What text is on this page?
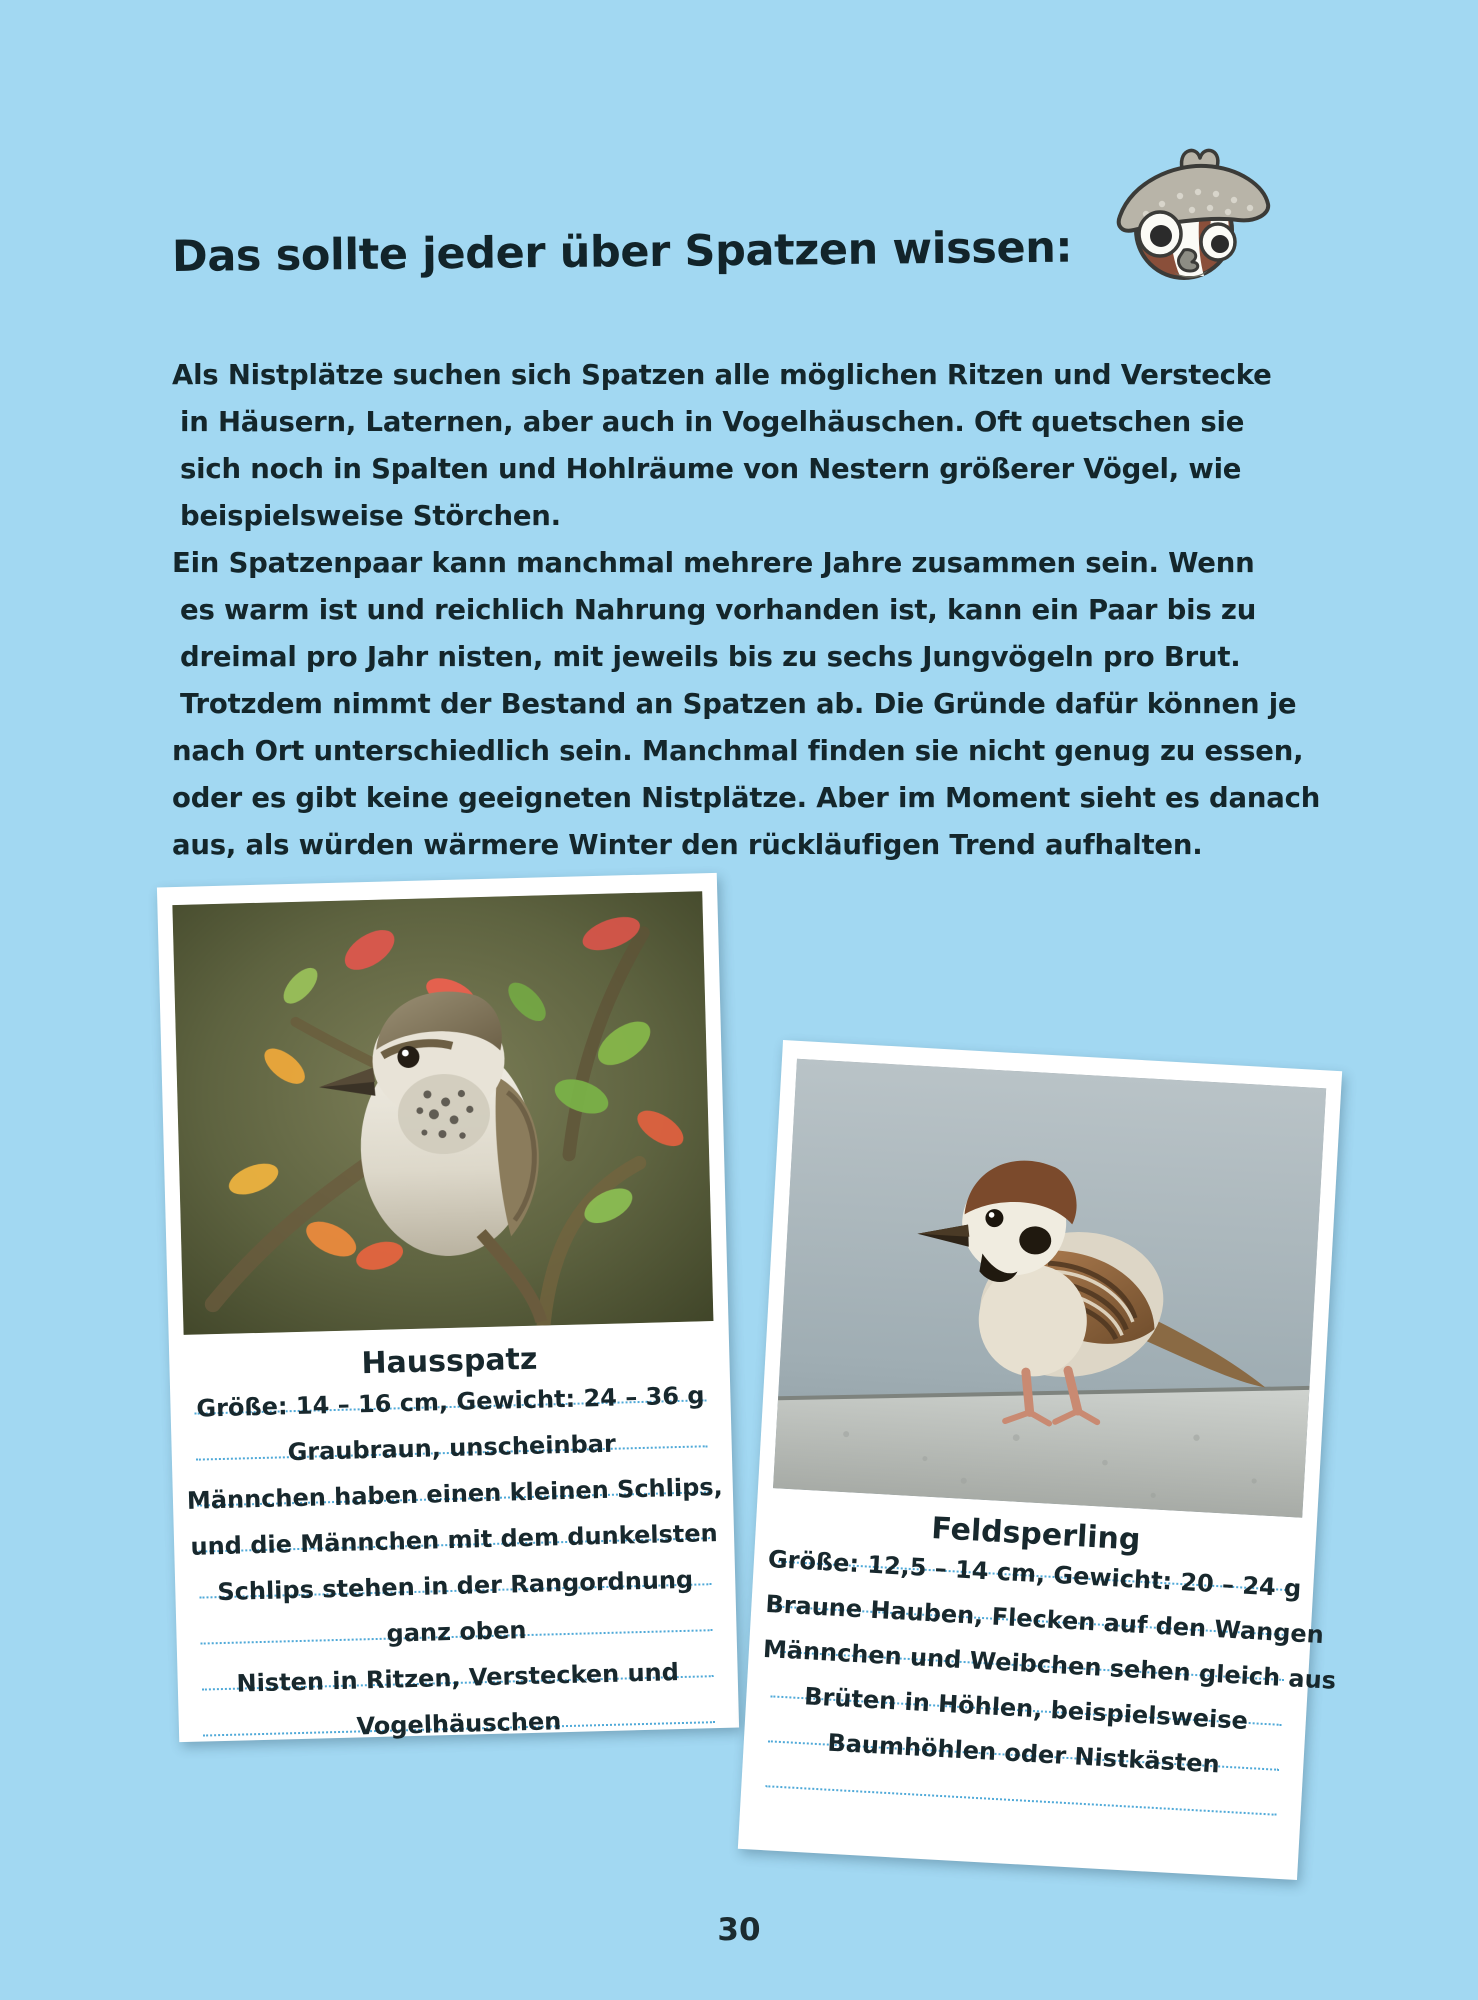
Das sollte jeder über Spatzen wissen:
Als Nistplätze suchen sich Spatzen alle möglichen Ritzen und Verstecke
in Häusern, Laternen, aber auch in Vogelhäuschen. Oft quetschen sie
sich noch in Spalten und Hohlräume von Nestern größerer Vögel, wie
beispielsweise Störchen.
Ein Spatzenpaar kann manchmal mehrere Jahre zusammen sein. Wenn
es warm ist und reichlich Nahrung vorhanden ist, kann ein Paar bis zu
dreimal pro Jahr nisten, mit jeweils bis zu sechs Jungvögeln pro Brut.
Trotzdem nimmt der Bestand an Spatzen ab. Die Gründe dafür können je
nach Ort unterschiedlich sein. Manchmal finden sie nicht genug zu essen,
oder es gibt keine geeigneten Nistplätze. Aber im Moment sieht es danach
aus, als würden wärmere Winter den rückläufigen Trend aufhalten.
Hausspatz
Größe: 14 – 16 cm, Gewicht: 24 – 36 g
Graubraun, unscheinbar
Männchen haben einen kleinen Schlips,
und die Männchen mit dem dunkelsten
Schlips stehen in der Rangordnung
ganz oben
Nisten in Ritzen, Verstecken und
Vogelhäuschen
Feldsperling
Größe: 12,5 – 14 cm, Gewicht: 20 – 24 g
Braune Hauben, Flecken auf den Wangen
Männchen und Weibchen sehen gleich aus
Brüten in Höhlen, beispielsweise
Baumhöhlen oder Nistkästen
30
